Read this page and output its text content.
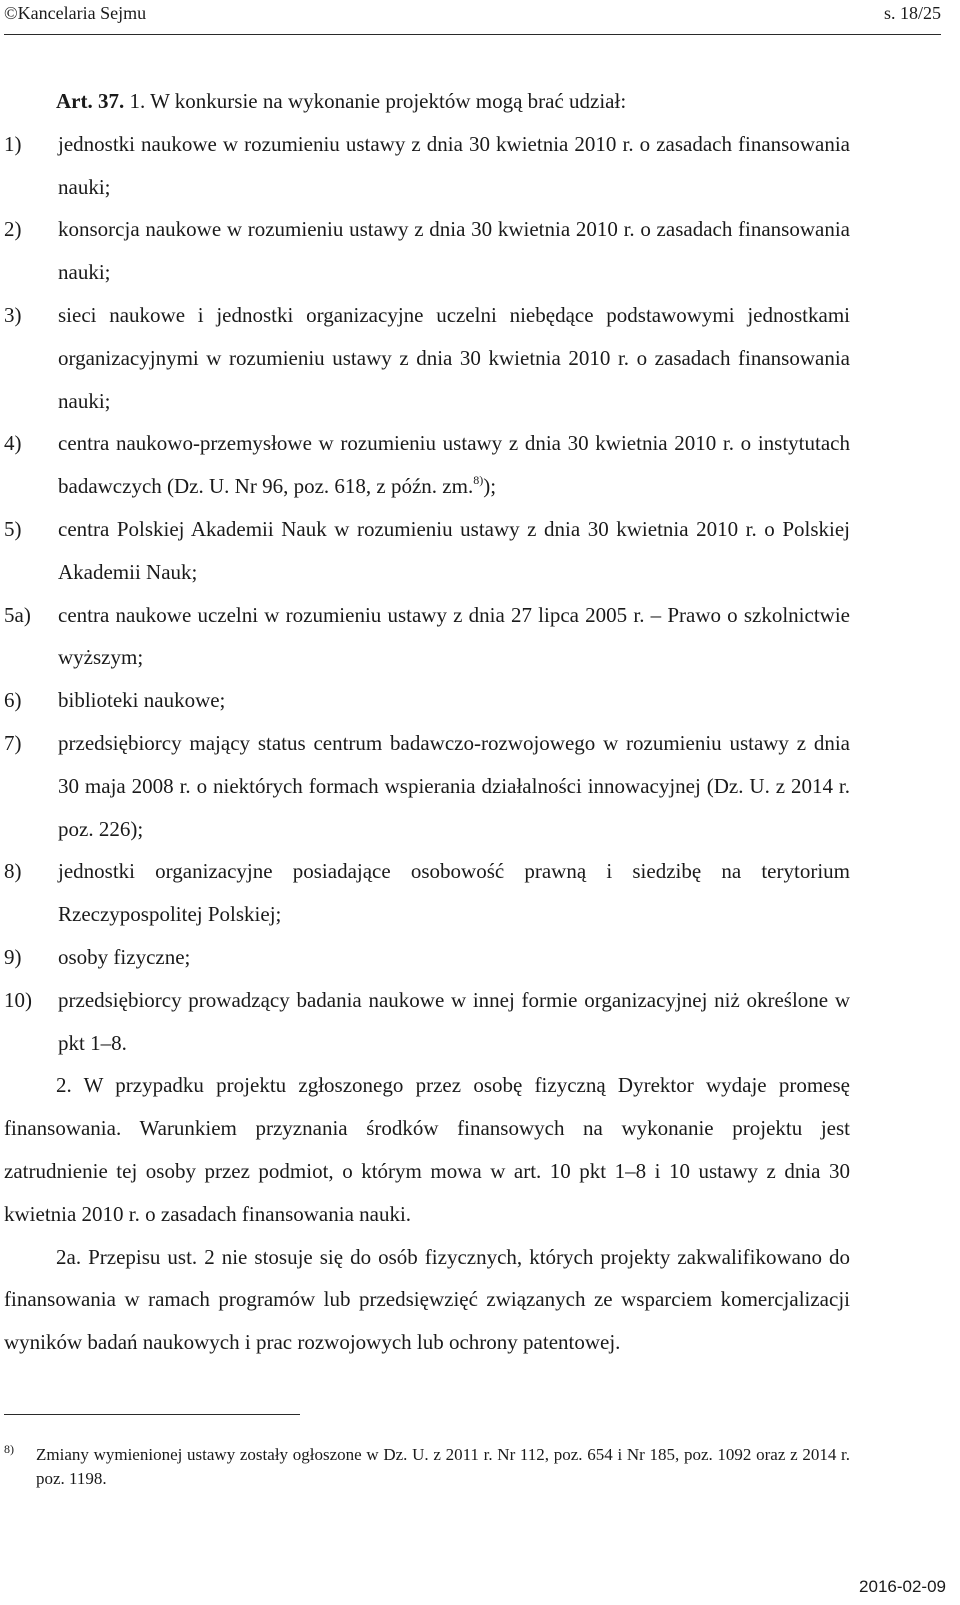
©Kancelaria Sejmu	s. 18/25

Art. 37. 1. W konkursie na wykonanie projektów mogą brać udział:

1) jednostki naukowe w rozumieniu ustawy z dnia 30 kwietnia 2010 r. o zasadach finansowania nauki;

2) konsorcja naukowe w rozumieniu ustawy z dnia 30 kwietnia 2010 r. o zasadach finansowania nauki;

3) sieci naukowe i jednostki organizacyjne uczelni niebędące podstawowymi jednostkami organizacyjnymi w rozumieniu ustawy z dnia 30 kwietnia 2010 r. o zasadach finansowania nauki;

4) centra naukowo-przemysłowe w rozumieniu ustawy z dnia 30 kwietnia 2010 r. o instytutach badawczych (Dz. U. Nr 96, poz. 618, z późn. zm.$^{8)}$);

5) centra Polskiej Akademii Nauk w rozumieniu ustawy z dnia 30 kwietnia 2010 r. o Polskiej Akademii Nauk;

5a) centra naukowe uczelni w rozumieniu ustawy z dnia 27 lipca 2005 r. – Prawo o szkolnictwie wyższym;

6) biblioteki naukowe;

7) przedsiębiorcy mający status centrum badawczo-rozwojowego w rozumieniu ustawy z dnia 30 maja 2008 r. o niektórych formach wspierania działalności innowacyjnej (Dz. U. z 2014 r. poz. 226);

8) jednostki organizacyjne posiadające osobowość prawną i siedzibę na terytorium Rzeczypospolitej Polskiej;

9) osoby fizyczne;

10) przedsiębiorcy prowadzący badania naukowe w innej formie organizacyjnej niż określone w pkt 1–8.

2. W przypadku projektu zgłoszonego przez osobę fizyczną Dyrektor wydaje promesę finansowania. Warunkiem przyznania środków finansowych na wykonanie projektu jest zatrudnienie tej osoby przez podmiot, o którym mowa w art. 10 pkt 1–8 i 10 ustawy z dnia 30 kwietnia 2010 r. o zasadach finansowania nauki.

2a. Przepisu ust. 2 nie stosuje się do osób fizycznych, których projekty zakwalifikowano do finansowania w ramach programów lub przedsięwzięć związanych ze wsparciem komercjalizacji wyników badań naukowych i prac rozwojowych lub ochrony patentowej.

8) Zmiany wymienionej ustawy zostały ogłoszone w Dz. U. z 2011 r. Nr 112, poz. 654 i Nr 185, poz. 1092 oraz z 2014 r. poz. 1198.
2016-02-09
